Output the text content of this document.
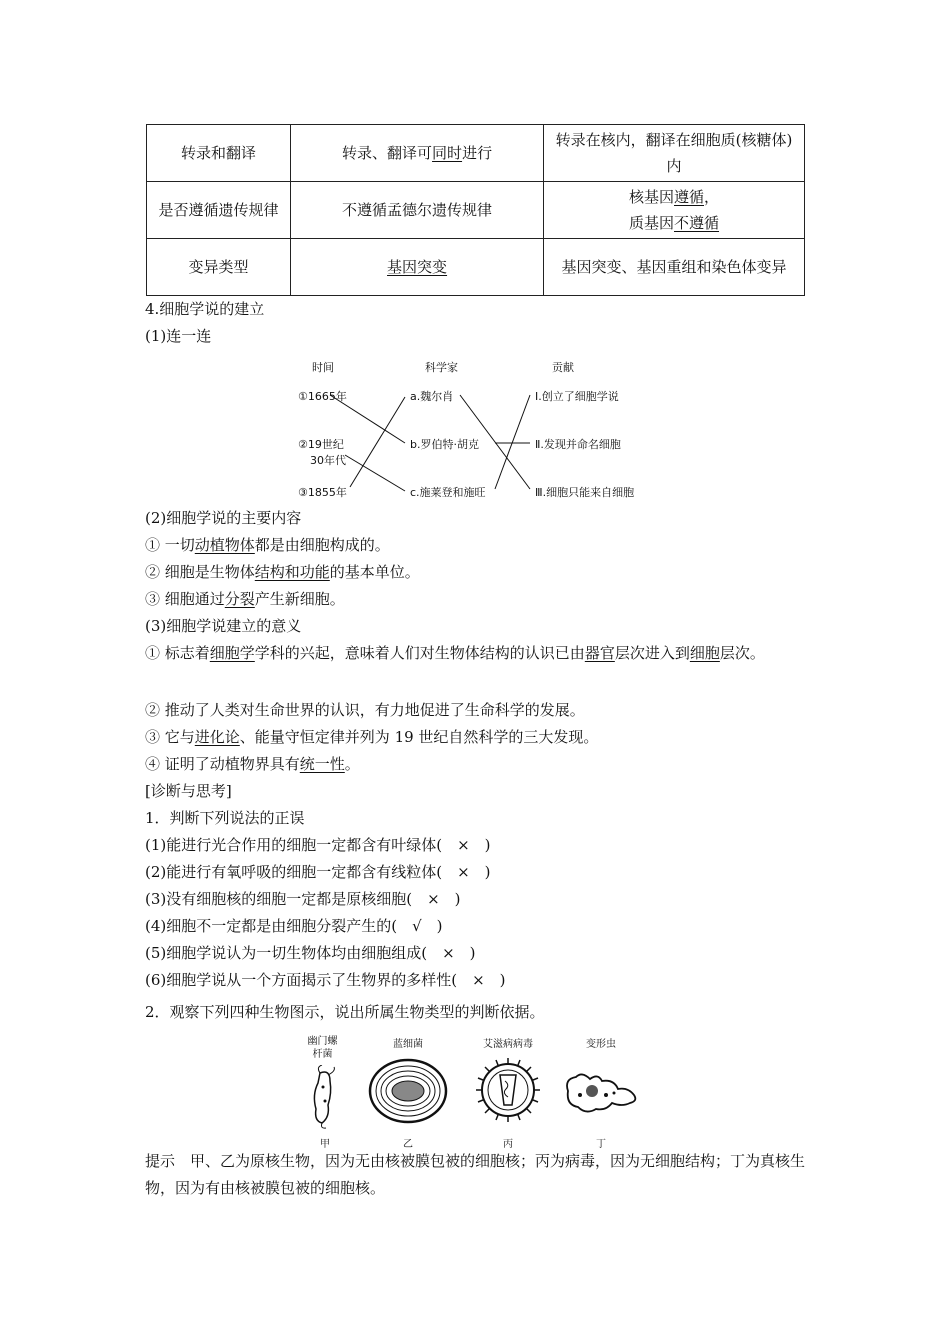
转录和翻译	转录、翻译可同时进行	转录在核内，翻译在细胞质(核糖体)内
是否遵循遗传规律	不遵循孟德尔遗传规律	核基因遵循，
质基因不遵循

变异类型	基因突变	基因突变、基因重组和染色体变异
4.细胞学说的建立
(1)连一连
时间	科学家	贡献
①1665年
②19世纪
30年代
③1855年
a.魏尔肖
b.罗伯特·胡克
c.施莱登和施旺
Ⅰ.创立了细胞学说
Ⅱ.发现并命名细胞
Ⅲ.细胞只能来自细胞
(2)细胞学说的主要内容
① 一切动植物体都是由细胞构成的。
② 细胞是生物体结构和功能的基本单位。
③ 细胞通过分裂产生新细胞。
(3)细胞学说建立的意义
① 标志着细胞学学科的兴起，意味着人们对生物体结构的认识已由器官层次进入到细胞层次。
② 推动了人类对生命世界的认识，有力地促进了生命科学的发展。
③ 它与进化论、能量守恒定律并列为 19 世纪自然科学的三大发现。
④ 证明了动植物界具有统一性。
[诊断与思考]
1．判断下列说法的正误
(1)能进行光合作用的细胞一定都含有叶绿体(　×　)
(2)能进行有氧呼吸的细胞一定都含有线粒体(　×　)
(3)没有细胞核的细胞一定都是原核细胞(　×　)
(4)细胞不一定都是由细胞分裂产生的(　√　)
(5)细胞学说认为一切生物体均由细胞组成(　×　)
(6)细胞学说从一个方面揭示了生物界的多样性(　×　)
2．观察下列四种生物图示，说出所属生物类型的判断依据。
幽门螺
杆菌
甲
蓝细菌
乙
艾滋病病毒
丙
变形虫
丁
提示　甲、乙为原核生物，因为无由核被膜包被的细胞核；丙为病毒，因为无细胞结构；丁为真核生物，因为有由核被膜包被的细胞核。
